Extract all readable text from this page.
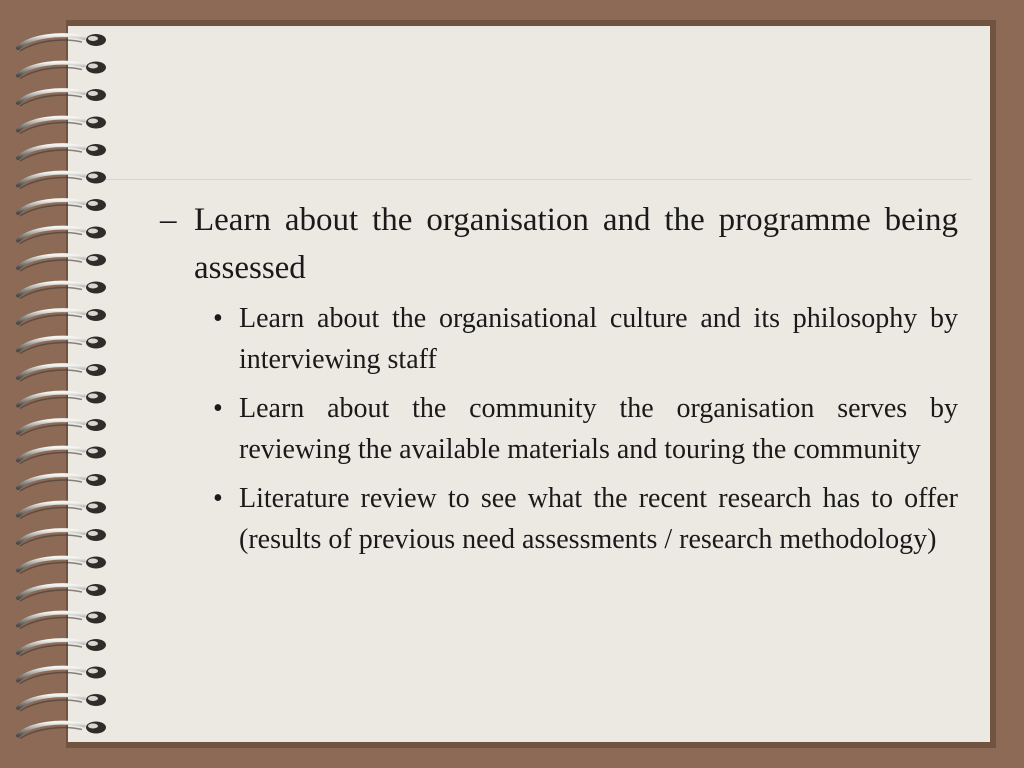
– Learn about the organisation and the programme being assessed
• Learn about the organisational culture and its philosophy by interviewing staff
• Learn about the community the organisation serves by reviewing the available materials and touring the community
• Literature review to see what the recent research has to offer (results of previous need assessments / research methodology)
